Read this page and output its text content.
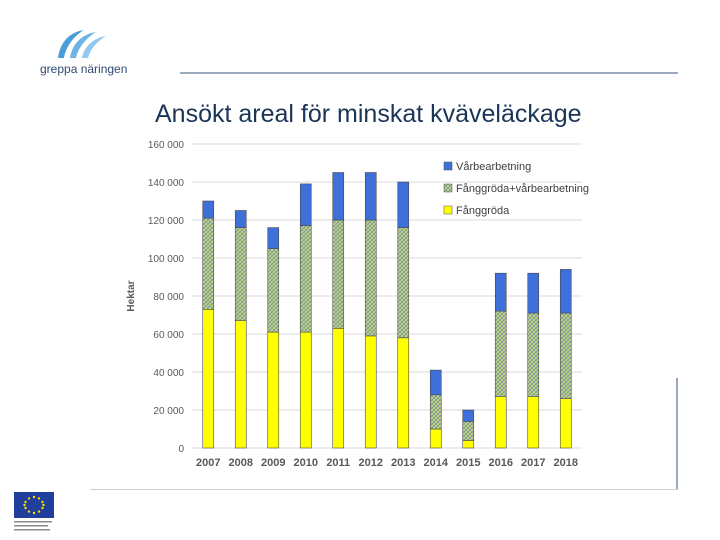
greppa näringen
Ansökt areal för minskat kväveläckage
0
20 000
40 000
60 000
80 000
100 000
120 000
140 000
160 000
Hektar
2007 2008 2009 2010 2011 2012 2013 2014 2015 2016 2017 2018
Vårbearbetning
Fånggröda+vårbearbetning
Fånggröda
